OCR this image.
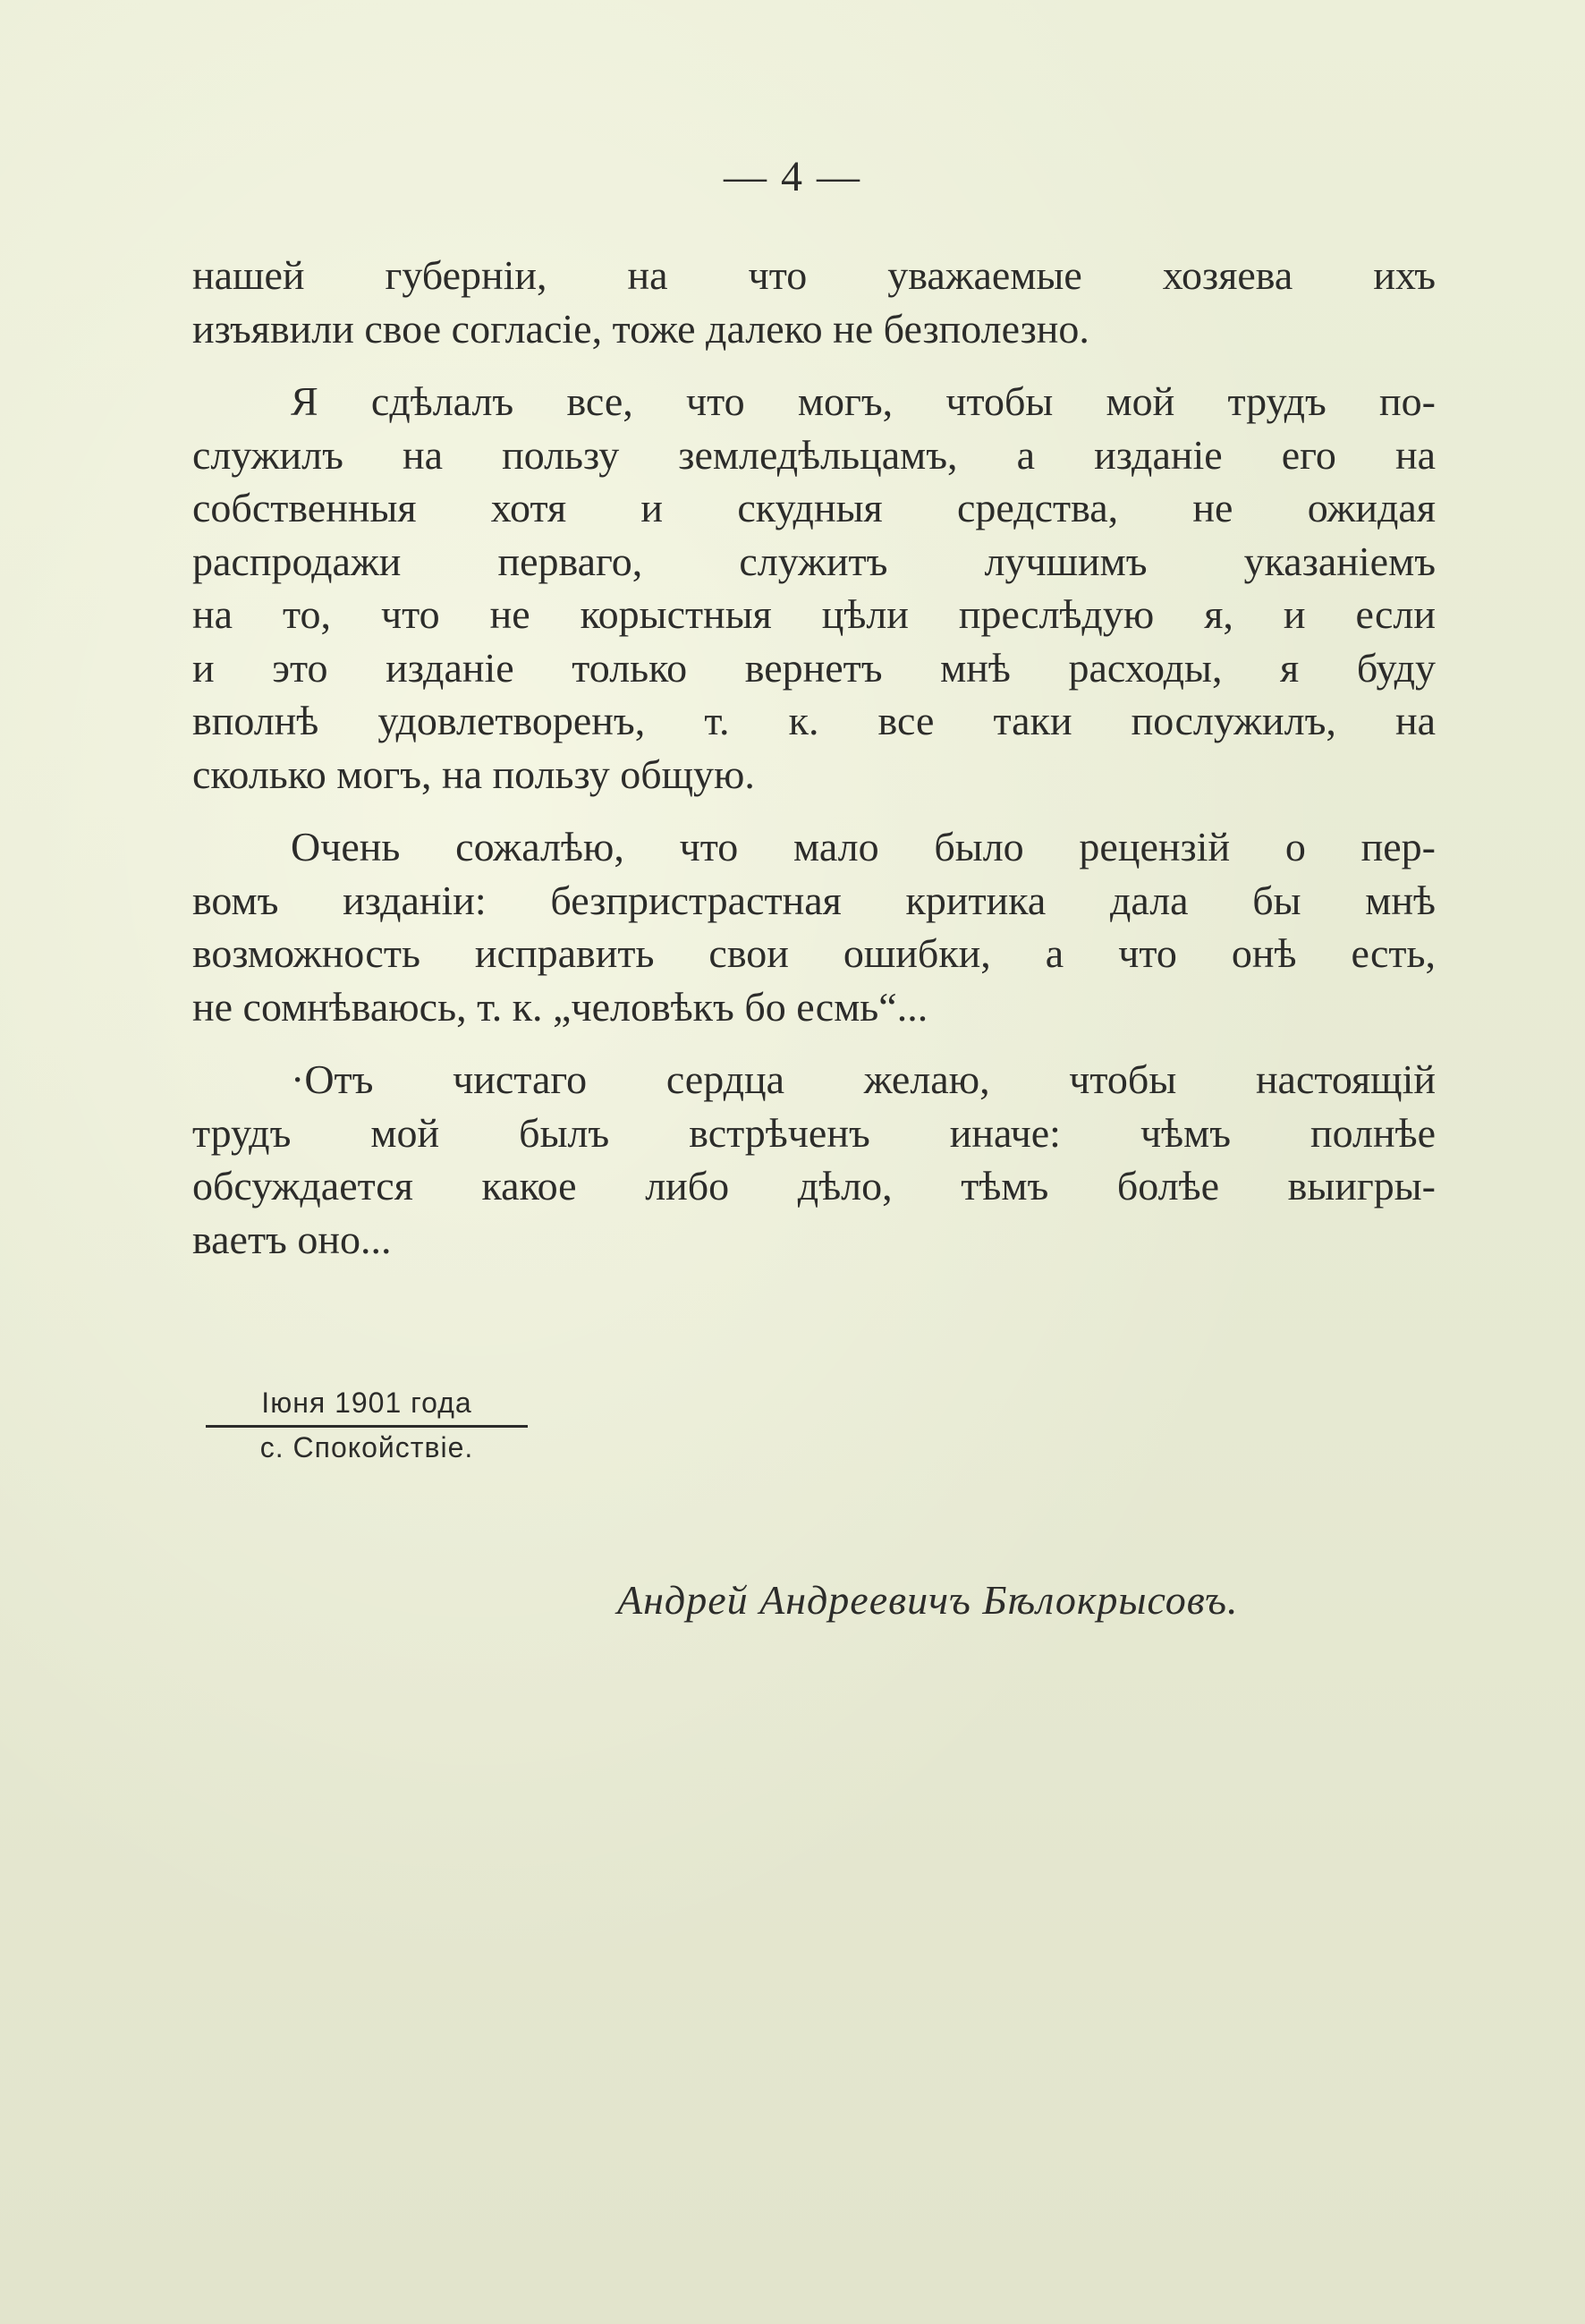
— 4 —
нашей губерніи, на что уважаемые хозяева ихъ
изъявили свое согласіе, тоже далеко не безполезно.
Я сдѣлалъ все, что могъ, чтобы мой трудъ по-
служилъ на пользу земледѣльцамъ, а изданіе его на
собственныя хотя и скудныя средства, не ожидая
распродажи перваго, служитъ лучшимъ указаніемъ
на то, что не корыстныя цѣли преслѣдую я, и если
и это изданіе только вернетъ мнѣ расходы, я буду
вполнѣ удовлетворенъ, т. к. все таки послужилъ, на
сколько могъ, на пользу общую.
Очень сожалѣю, что мало было рецензій о пер-
вомъ изданіи: безпристрастная критика дала бы мнѣ
возможность исправить свои ошибки, а что онѣ есть,
не сомнѣваюсь, т. к. „человѣкъ бо есмь“...
·Отъ чистаго сердца желаю, чтобы настоящій
трудъ мой былъ встрѣченъ иначе: чѣмъ полнѣе
обсуждается какое либо дѣло, тѣмъ болѣе выигры-
ваетъ оно...
Іюня 1901 года
с. Спокойствіе.
Андрей Андреевичъ Бѣлокрысовъ.
